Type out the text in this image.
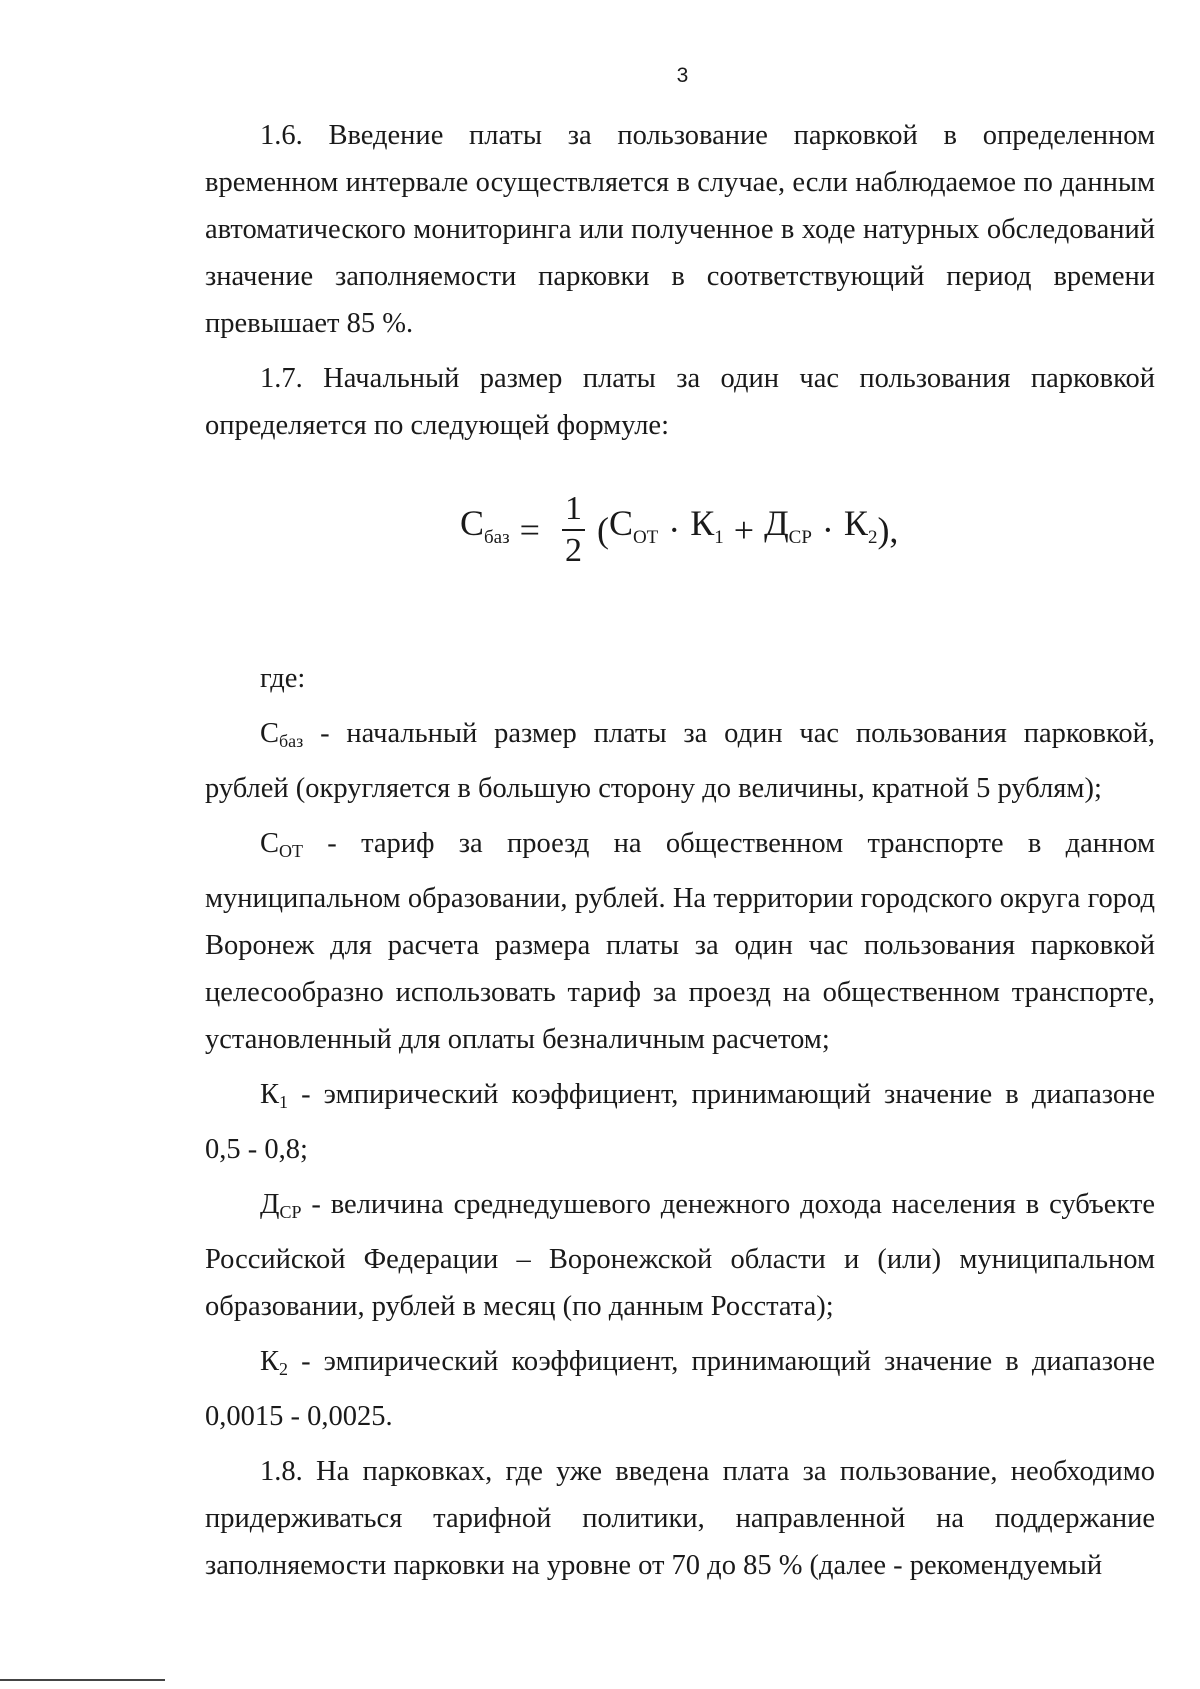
3

1.6. Введение платы за пользование парковкой в определенном временном интервале осуществляется в случае, если наблюдаемое по данным автоматического мониторинга или полученное в ходе натурных обследований значение заполняемости парковки в соответствующий период времени превышает 85 %.

1.7. Начальный размер платы за один час пользования парковкой определяется по следующей формуле:

$С_{баз} = \frac{1}{2}$ ( $С_{ОТ} \cdot К_1 + Д_{СР} \cdot К_2$ ),

где:

$С_{баз}$ - начальный размер платы за один час пользования парковкой, рублей (округляется в большую сторону до величины, кратной 5 рублям);

$С_{ОТ}$ - тариф за проезд на общественном транспорте в данном муниципальном образовании, рублей. На территории городского округа город Воронеж для расчета размера платы за один час пользования парковкой целесообразно использовать тариф за проезд на общественном транспорте, установленный для оплаты безналичным расчетом;

$К_1$ - эмпирический коэффициент, принимающий значение в диапазоне 0,5 - 0,8;

$Д_{СР}$ - величина среднедушевого денежного дохода населения в субъекте Российской Федерации – Воронежской области и (или) муниципальном образовании, рублей в месяц (по данным Росстата);

$К_2$ - эмпирический коэффициент, принимающий значение в диапазоне 0,0015 - 0,0025.

1.8. На парковках, где уже введена плата за пользование, необходимо придерживаться тарифной политики, направленной на поддержание заполняемости парковки на уровне от 70 до 85 % (далее - рекомендуемый
